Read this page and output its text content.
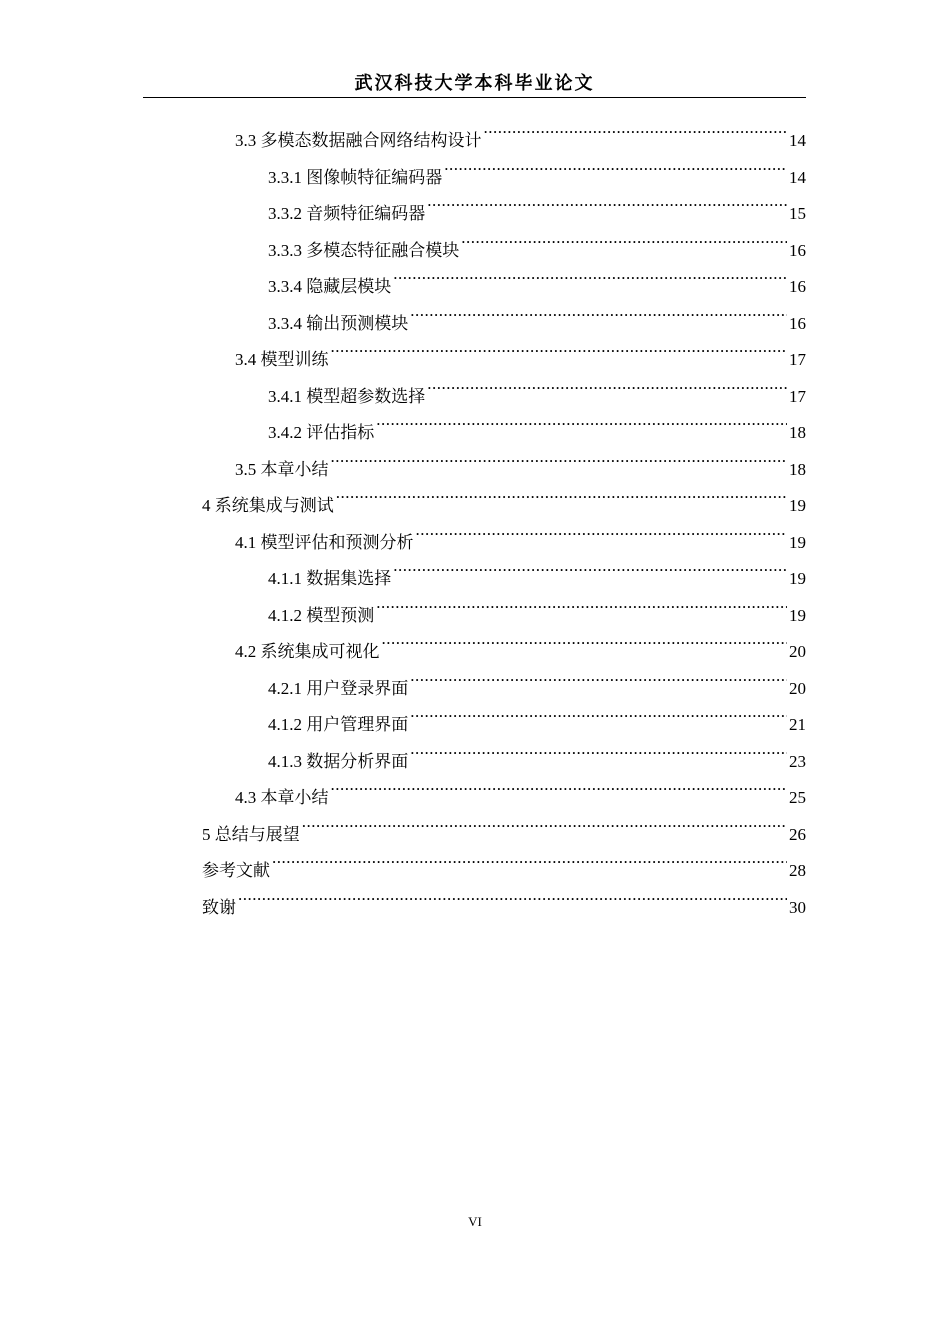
武汉科技大学本科毕业论文
3.3 多模态数据融合网络结构设计 .....	14
3.3.1 图像帧特征编码器 .....	14
3.3.2 音频特征编码器 .....	15
3.3.3 多模态特征融合模块 .....	16
3.3.4 隐藏层模块 .....	16
3.3.4 输出预测模块 .....	16
3.4 模型训练 .....	17
3.4.1 模型超参数选择 .....	17
3.4.2 评估指标 .....	18
3.5 本章小结 .....	18
4 系统集成与测试 .....	19
4.1 模型评估和预测分析 .....	19
4.1.1 数据集选择 .....	19
4.1.2 模型预测 .....	19
4.2 系统集成可视化 .....	20
4.2.1 用户登录界面 .....	20
4.1.2 用户管理界面 .....	21
4.1.3 数据分析界面 .....	23
4.3 本章小结 .....	25
5 总结与展望 .....	26
参考文献 .....	28
致谢 .....	30
VI
